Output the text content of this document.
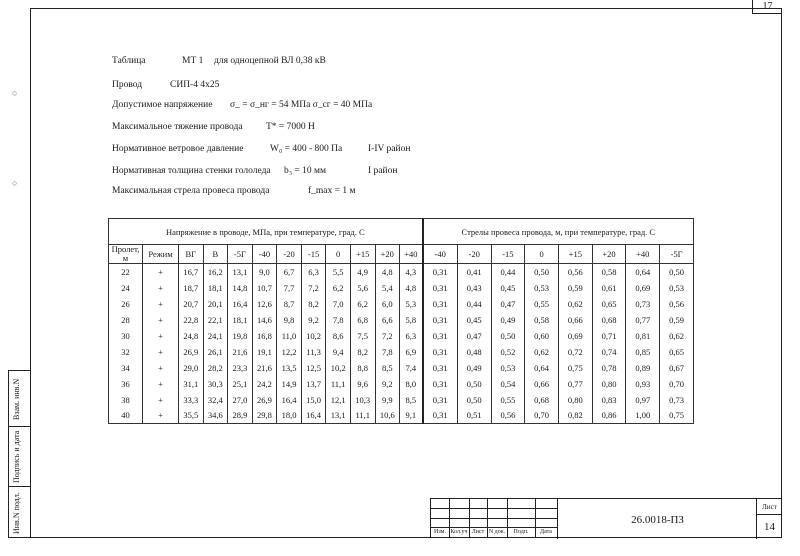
17
○
○
Взам. инв.N
Подпись и дата
Инв.N подл.
Таблица	МТ 1 для одноцепной ВЛ 0,38 кВ
Провод	СИП-4 4х25
Допустимое напряжение σ_ = σ_нг = 54 МПа σ_сг = 40 МПа
Максимальное тяжение провода T* = 7000 Н
Нормативное ветровое давление	W₀ = 400 - 800 Па	I-IV район
Нормативная толщина стенки гололеда b₃ = 10 мм	I район
Максимальная стрела провеса провода	f_max = 1 м
Напряжение в проводе, МПа, при температуре, град. С												Стрелы провеса провода, м, при температуре, град. С							
Пролет, м	Режим	ВГ	В	-5Г	-40	-20	-15	0	+15	+20	+40	-40	-20	-15	0	+15	+20	+40	-5Г
22	+	16,7	16,2	13,1	9,0	6,7	6,3	5,5	4,9	4,8	4,3	0,31	0,41	0,44	0,50	0,56	0,58	0,64	0,50
24	+	18,7	18,1	14,8	10,7	7,7	7,2	6,2	5,6	5,4	4,8	0,31	0,43	0,45	0,53	0,59	0,61	0,69	0,53
26	+	20,7	20,1	16,4	12,6	8,7	8,2	7,0	6,2	6,0	5,3	0,31	0,44	0,47	0,55	0,62	0,65	0,73	0,56
28	+	22,8	22,1	18,1	14,6	9,8	9,2	7,8	6,8	6,6	5,8	0,31	0,45	0,49	0,58	0,66	0,68	0,77	0,59
30	+	24,8	24,1	19,8	16,8	11,0	10,2	8,6	7,5	7,2	6,3	0,31	0,47	0,50	0,60	0,69	0,71	0,81	0,62
32	+	26,9	26,1	21,6	19,1	12,2	11,3	9,4	8,2	7,8	6,9	0,31	0,48	0,52	0,62	0,72	0,74	0,85	0,65
34	+	29,0	28,2	23,3	21,6	13,5	12,5	10,2	8,8	8,5	7,4	0,31	0,49	0,53	0,64	0,75	0,78	0,89	0,67
36	+	31,1	30,3	25,1	24,2	14,9	13,7	11,1	9,6	9,2	8,0	0,31	0,50	0,54	0,66	0,77	0,80	0,93	0,70
38	+	33,3	32,4	27,0	26,9	16,4	15,0	12,1	10,3	9,9	8,5	0,31	0,50	0,55	0,68	0,80	0,83	0,97	0,73
40	+	35,5	34,6	28,9	29,8	18,0	16,4	13,1	11,1	10,6	9,1	0,31	0,51	0,56	0,70	0,82	0,86	1,00	0,75
Изм. Кол.уч Лист N док.	Подп.	Дата
26.0018-ПЗ
Лист
14
